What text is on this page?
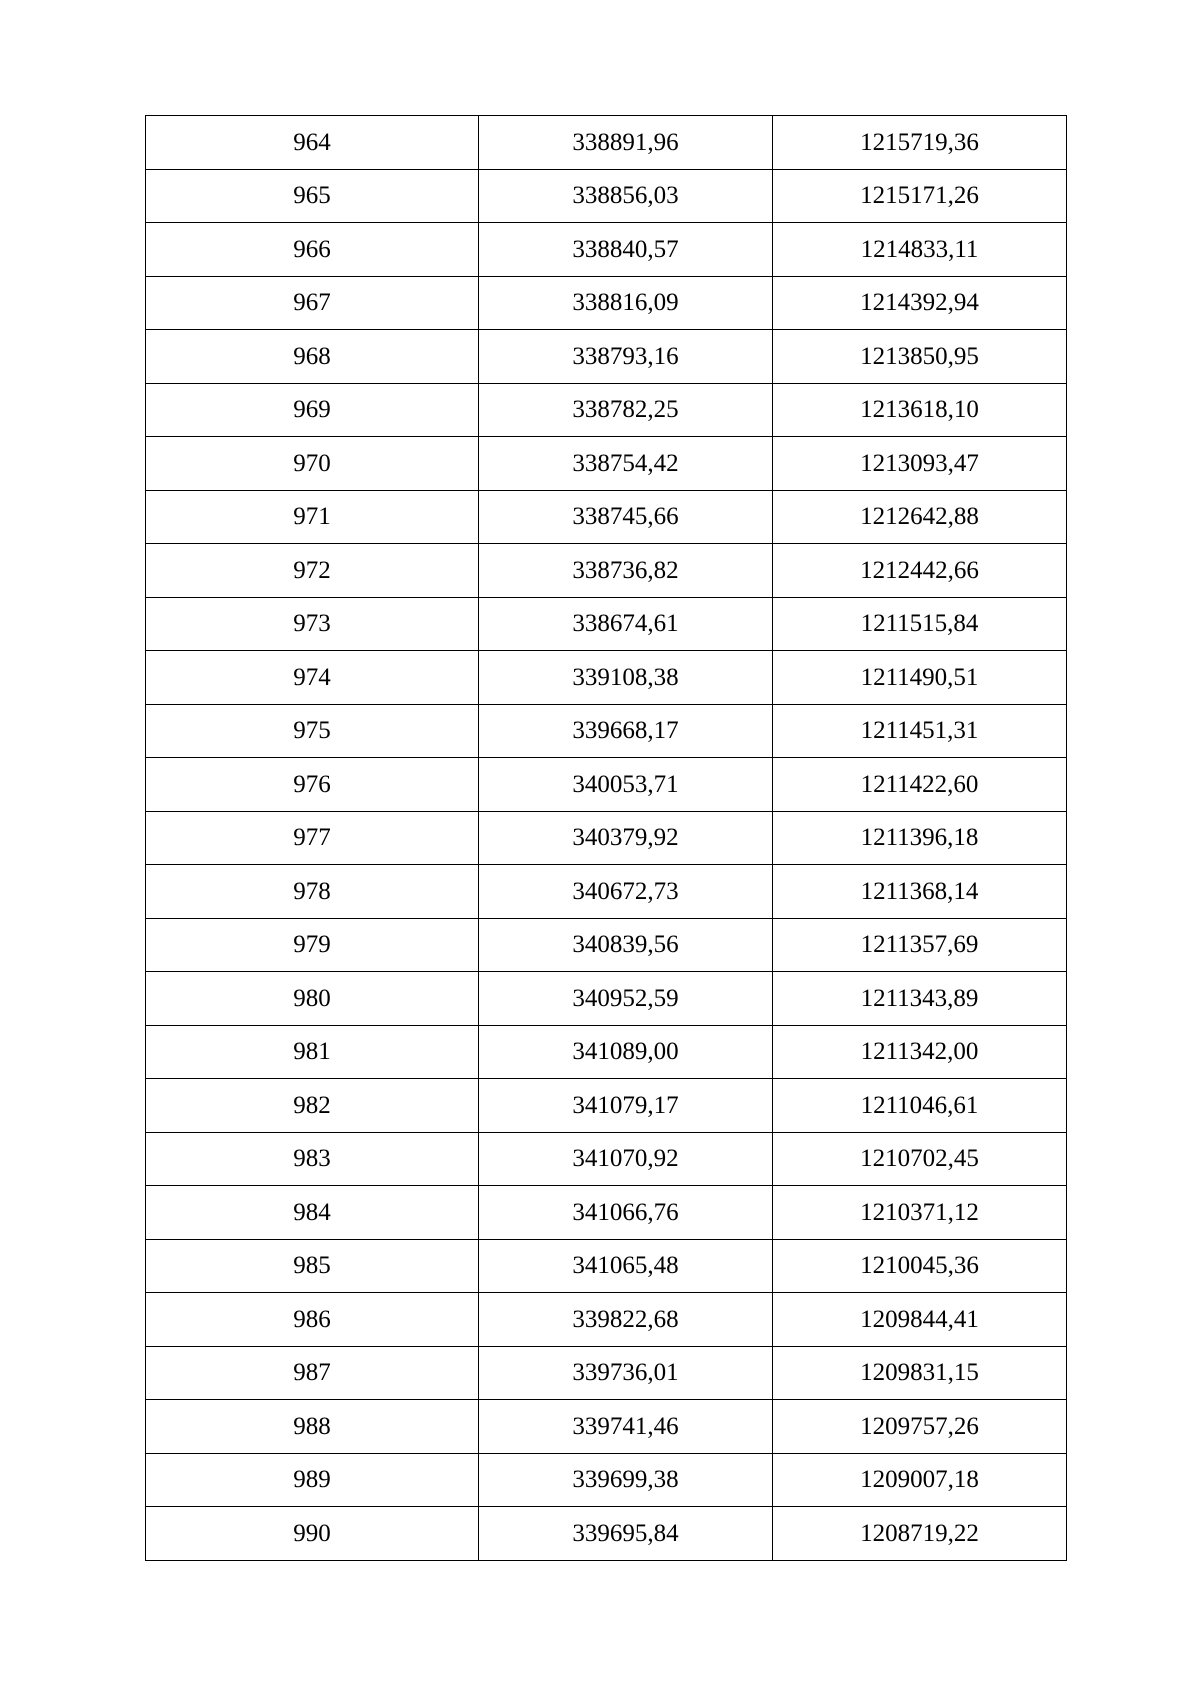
964	338891,96	1215719,36
965	338856,03	1215171,26
966	338840,57	1214833,11
967	338816,09	1214392,94
968	338793,16	1213850,95
969	338782,25	1213618,10
970	338754,42	1213093,47
971	338745,66	1212642,88
972	338736,82	1212442,66
973	338674,61	1211515,84
974	339108,38	1211490,51
975	339668,17	1211451,31
976	340053,71	1211422,60
977	340379,92	1211396,18
978	340672,73	1211368,14
979	340839,56	1211357,69
980	340952,59	1211343,89
981	341089,00	1211342,00
982	341079,17	1211046,61
983	341070,92	1210702,45
984	341066,76	1210371,12
985	341065,48	1210045,36
986	339822,68	1209844,41
987	339736,01	1209831,15
988	339741,46	1209757,26
989	339699,38	1209007,18
990	339695,84	1208719,22
